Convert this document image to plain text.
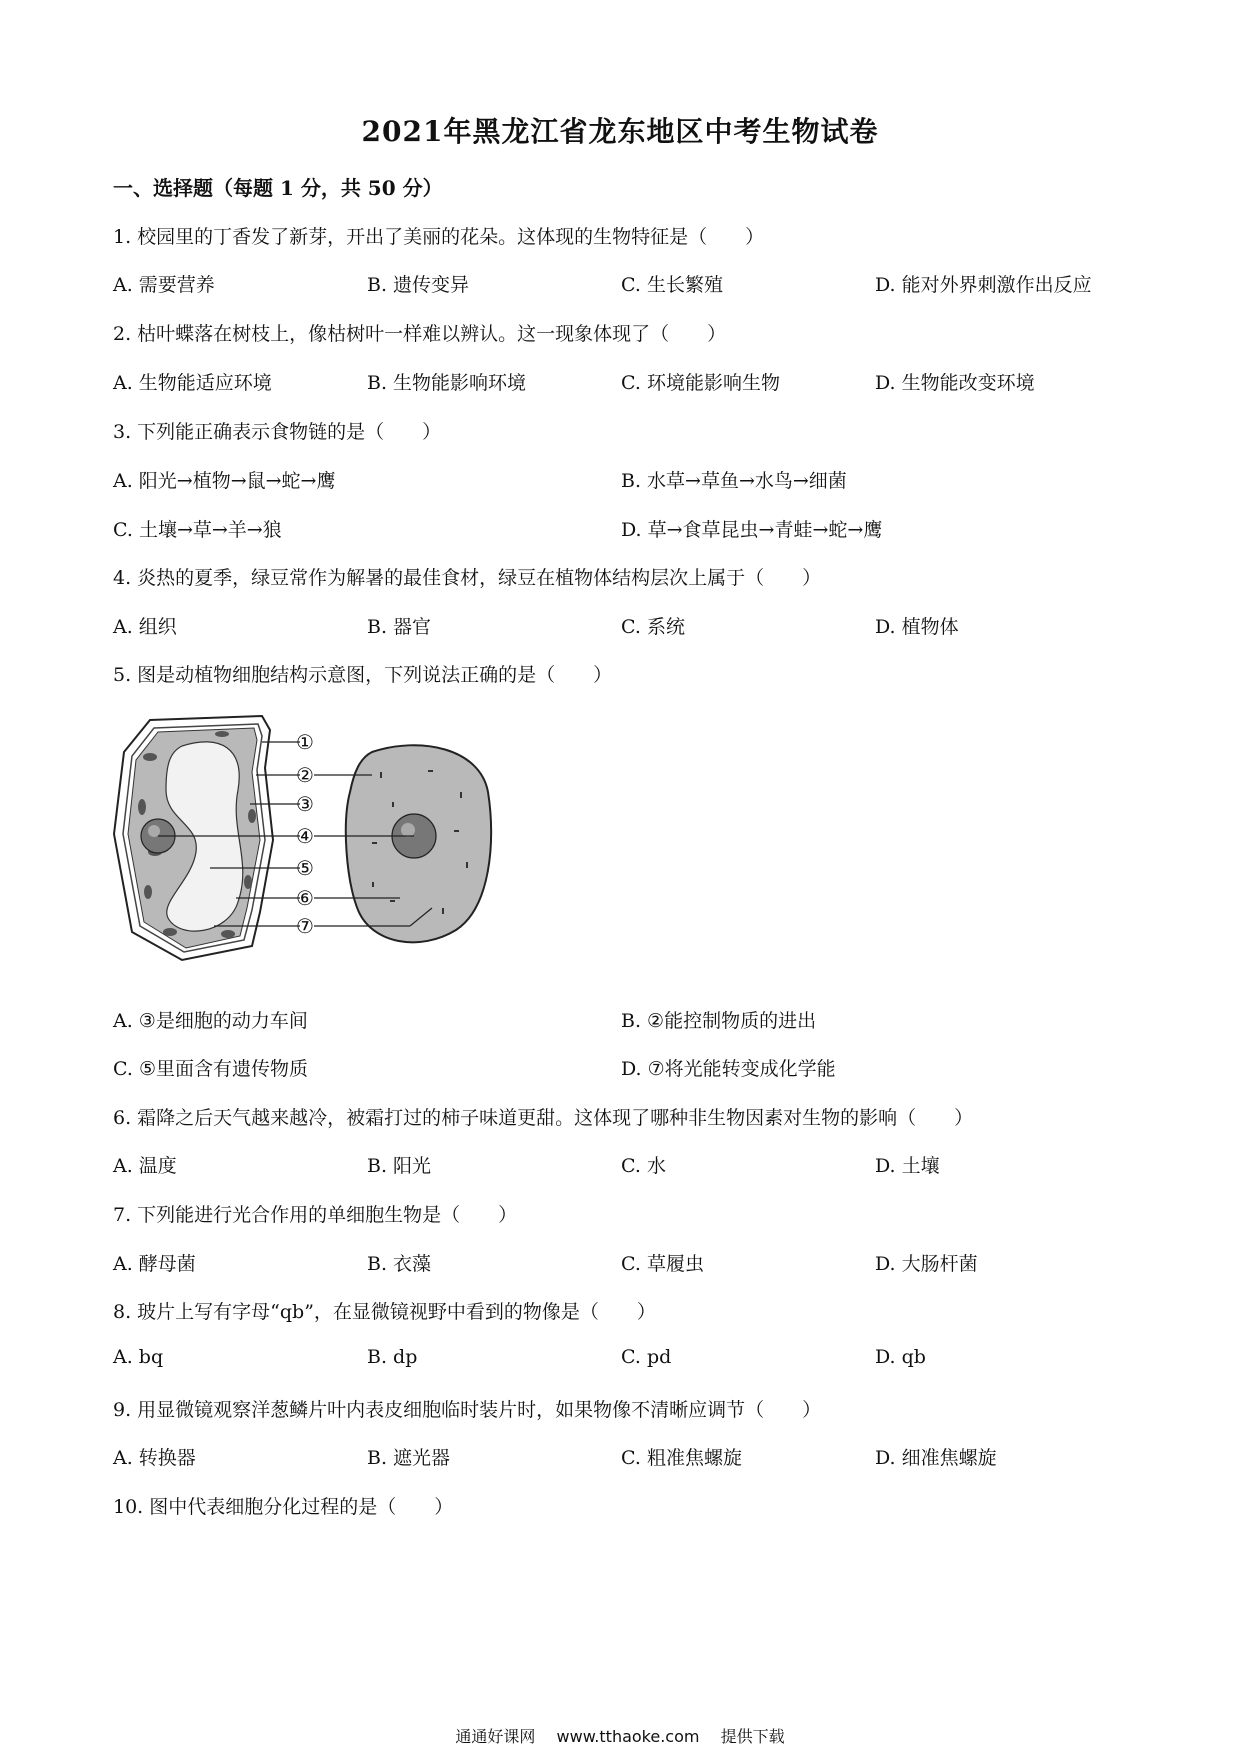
2021年黑龙江省龙东地区中考生物试卷
一、选择题（每题 1 分，共 50 分）
1. 校园里的丁香发了新芽，开出了美丽的花朵。这体现的生物特征是（　　）
A. 需要营养	B. 遗传变异	C. 生长繁殖	D. 能对外界刺激作出反应
2. 枯叶蝶落在树枝上，像枯树叶一样难以辨认。这一现象体现了（　　）
A. 生物能适应环境	B. 生物能影响环境	C. 环境能影响生物	D. 生物能改变环境
3. 下列能正确表示食物链的是（　　）
A. 阳光→植物→鼠→蛇→鹰	B. 水草→草鱼→水鸟→细菌
C. 土壤→草→羊→狼	D. 草→食草昆虫→青蛙→蛇→鹰
4. 炎热的夏季，绿豆常作为解暑的最佳食材，绿豆在植物体结构层次上属于（　　）
A. 组织	B. 器官	C. 系统	D. 植物体
5. 图是动植物细胞结构示意图，下列说法正确的是（　　）
①
②
③
④
⑤
⑥
⑦
A. ③是细胞的动力车间	B. ②能控制物质的进出
C. ⑤里面含有遗传物质	D. ⑦将光能转变成化学能
6. 霜降之后天气越来越冷，被霜打过的柿子味道更甜。这体现了哪种非生物因素对生物的影响（　　）
A. 温度	B. 阳光	C. 水	D. 土壤
7. 下列能进行光合作用的单细胞生物是（　　）
A. 酵母菌	B. 衣藻	C. 草履虫	D. 大肠杆菌
8. 玻片上写有字母“qb”，在显微镜视野中看到的物像是（　　）
A. bq	B. dp	C. pd	D. qb
9. 用显微镜观察洋葱鳞片叶内表皮细胞临时装片时，如果物像不清晰应调节（　　）
A. 转换器	B. 遮光器	C. 粗准焦螺旋	D. 细准焦螺旋
10. 图中代表细胞分化过程的是（　　）
通通好课网 www.tthaoke.com 提供下载
